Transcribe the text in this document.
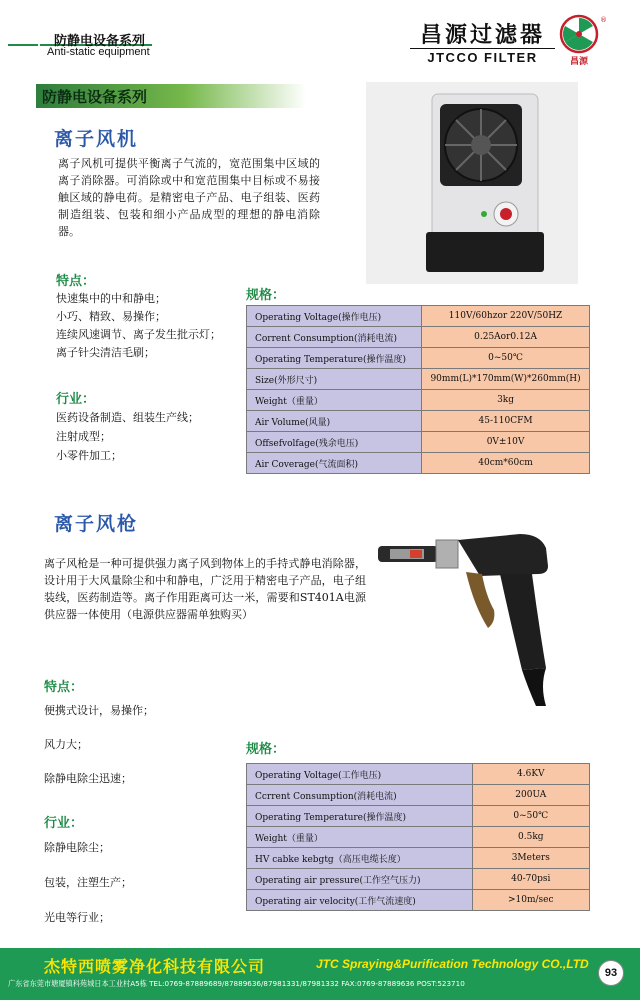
防静电设备系列
Anti-static equipment
昌源过滤器
JTCCO FILTER	昌源
®
防静电设备系列
离子风机
离子风机可提供平衡离子气流的，宽范围集中区域的离子消除器。可消除或中和宽范围集中目标或不易接触区域的静电荷。是精密电子产品、电子组装、医药制造组装、包装和细小产品成型的理想的静电消除器。
特点：
快速集中的中和静电；
小巧、精致、易操作；
连续风速调节、离子发生批示灯；
离子针尖清洁毛刷；
行业：
医药设备制造、组装生产线；
注射成型；
小零件加工；
规格：
Operating Voltage(操作电压)	110V/60hzor 220V/50HZ
Corrent Consumption(消耗电流)	0.25Aor0.12A
Operating Temperature(操作温度)	0~50℃
Size(外形尺寸)	90mm(L)*170mm(W)*260mm(H)
Weight（重量）	3kg
Air Volume(风量)	45-110CFM
Offsefvolfage(残余电压)	0V±10V
Air Coverage(气流面积)	40cm*60cm
离子风枪
离子风枪是一种可提供强力离子风到物体上的手持式静电消除器，设计用于大风量除尘和中和静电，广泛用于精密电子产品，电子组装线，医药制造等。离子作用距离可达一米，需要和ST401A电源供应器一体使用（电源供应器需单独购买）
特点：
便携式设计，易操作；
风力大；
除静电除尘迅速；
行业：
除静电除尘；
包装，注塑生产；
光电等行业；
规格：
Operating Voltage(工作电压)	4.6KV
Ccrrent Consumption(消耗电流)	200UA
Operating Temperature(操作温度)	0~50℃
Weight（重量）	0.5kg
HV cabke kebgtg（高压电缆长度）	3Meters
Operating air pressure(工作空气压力)	40-70psi
Operating air velocity(工作气流速度)	>10m/sec
杰特西喷雾净化科技有限公司	JTC Spraying&Purification Technology CO.,LTD
广东省东莞市塘厦镇科苑城日本工业村A5栋 TEL:0769-87889689/87889636/87981331/87981332 FAX:0769-87889636 POST:523710
93
